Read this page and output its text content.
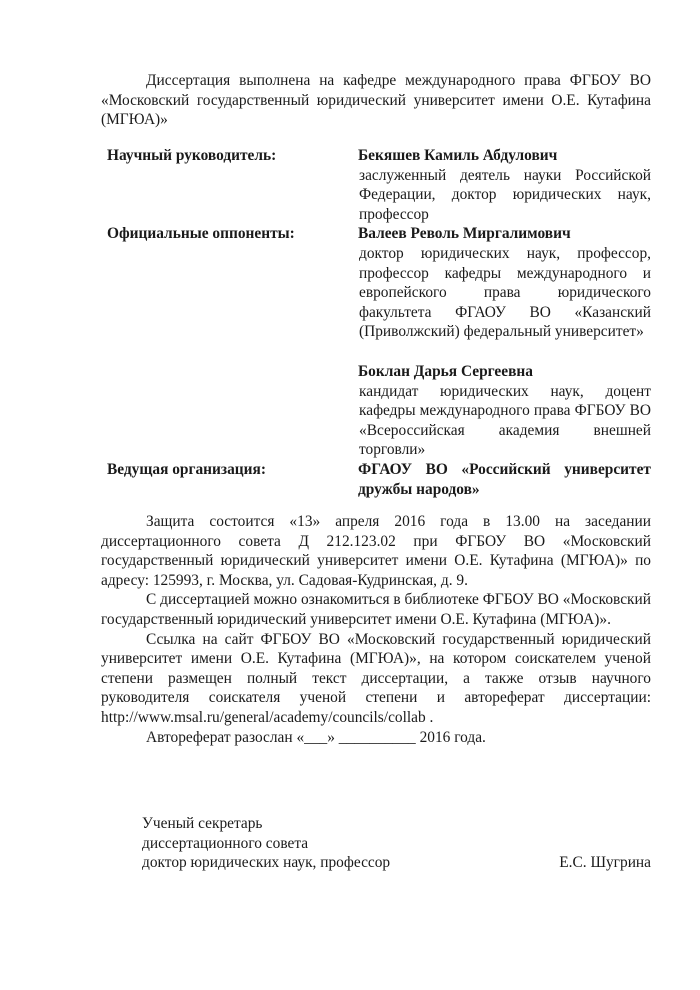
Диссертация выполнена на кафедре международного права ФГБОУ ВО «Московский государственный юридический университет имени О.Е. Кутафина (МГЮА)»

Научный руководитель:	Бекяшев Камиль Абдулович

заслуженный деятель науки Российской Федерации, доктор юридических наук, профессор

Официальные оппоненты:	Валеев Револь Миргалимович

доктор юридических наук, профессор, профессор кафедры международного и европейского права юридического факультета ФГАОУ ВО «Казанский (Приволжский) федеральный университет»

Боклан Дарья Сергеевна

кандидат юридических наук, доцент кафедры международного права ФГБОУ ВО «Всероссийская академия внешней торговли»

Ведущая организация:	ФГАОУ ВО «Российский университет дружбы народов»

Защита состоится «13» апреля 2016 года в 13.00 на заседании диссертационного совета Д 212.123.02 при ФГБОУ ВО «Московский государственный юридический университет имени О.Е. Кутафина (МГЮА)» по адресу: 125993, г. Москва, ул. Садовая-Кудринская, д. 9.

С диссертацией можно ознакомиться в библиотеке ФГБОУ ВО «Московский государственный юридический университет имени О.Е. Кутафина (МГЮА)».

Ссылка на сайт ФГБОУ ВО «Московский государственный юридический университет имени О.Е. Кутафина (МГЮА)», на котором соискателем ученой степени размещен полный текст диссертации, а также отзыв научного руководителя соискателя ученой степени и автореферат диссертации: http://www.msal.ru/general/academy/councils/collab .

Автореферат разослан «___» __________ 2016 года.

Ученый секретарь

диссертационного совета

доктор юридических наук, профессор	Е.С. Шугрина
